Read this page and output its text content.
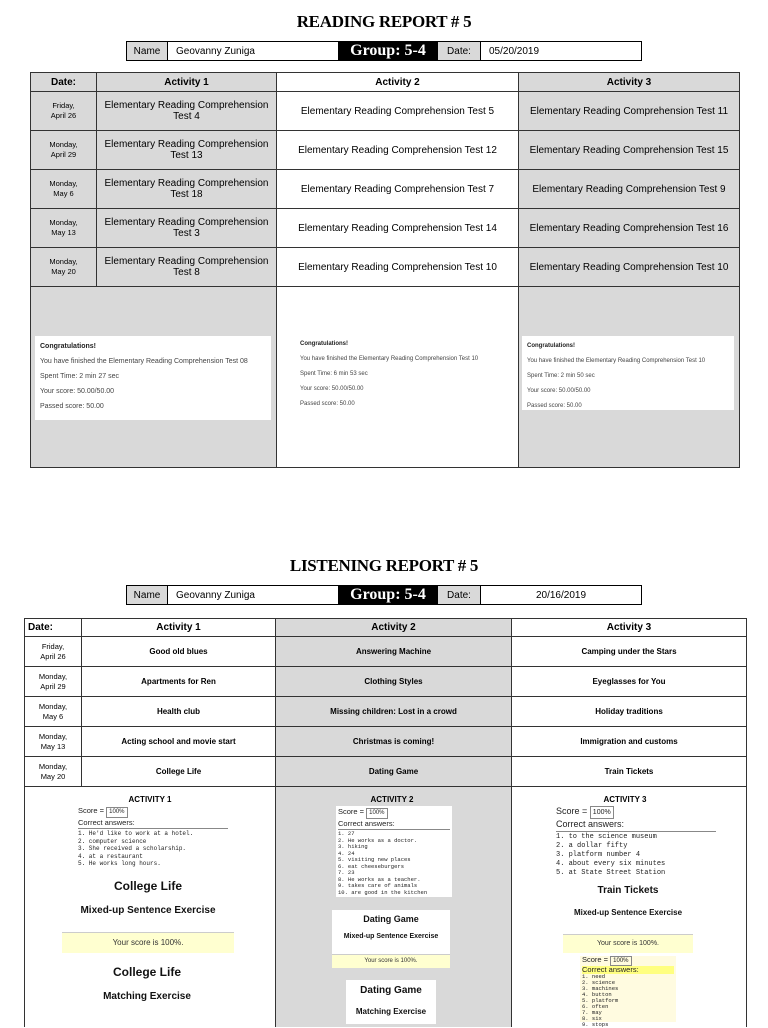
READING REPORT # 5
Name	Geovanny Zuniga	Group: 5-4	Date:	05/20/2019
Date:	Activity 1	Activity 2	Activity 3
Friday,
April 26	Elementary Reading Comprehension Test 4	Elementary Reading Comprehension Test 5	Elementary Reading Comprehension Test 11
Monday,
April 29	Elementary Reading Comprehension Test 13	Elementary Reading Comprehension Test 12	Elementary Reading Comprehension Test 15
Monday,
May 6	Elementary Reading Comprehension Test 18	Elementary Reading Comprehension Test 7	Elementary Reading Comprehension Test 9
Monday,
May 13	Elementary Reading Comprehension Test 3	Elementary Reading Comprehension Test 14	Elementary Reading Comprehension Test 16
Monday,
May 20	Elementary Reading Comprehension Test 8	Elementary Reading Comprehension Test 10	Elementary Reading Comprehension Test 10

Congratulations!
You have finished the Elementary Reading Comprehension Test 08
Spent Time: 2 min 27 sec
Your score: 50.00/50.00
Passed score: 50.00
Congratulations!
You have finished the Elementary Reading Comprehension Test 10
Spent Time: 6 min 53 sec
Your score: 50.00/50.00
Passed score: 50.00
Congratulations!
You have finished the Elementary Reading Comprehension Test 10
Spent Time: 2 min 50 sec
Your score: 50.00/50.00
Passed score: 50.00
LISTENING REPORT # 5
Name	Geovanny Zuniga	Group: 5-4	Date:	20/16/2019
Date:	Activity 1	Activity 2	Activity 3
Friday,
April 26	Good old blues	Answering Machine	Camping under the Stars
Monday,
April 29	Apartments for Ren	Clothing Styles	Eyeglasses for You
Monday,
May 6	Health club	Missing children: Lost in a crowd	Holiday traditions
Monday,
May 13	Acting school and movie start	Christmas is coming!	Immigration and customs
Monday,
May 20	College Life	Dating Game	Train Tickets

ACTIVITY 1
Score = 100%
Correct answers:
1. He'd like to work at a hotel.
2. computer science
3. She received a scholarship.
4. at a restaurant
5. He works long hours.
College Life
Mixed-up Sentence Exercise
Your score is 100%.
College Life
Matching Exercise
ACTIVITY 2
Score = 100%
Correct answers:
1. 27
2. He works as a doctor.
3. hiking
4. 24
5. visiting new places
6. eat cheeseburgers
7. 23
8. He works as a teacher.
9. takes care of animals
10. are good in the kitchen
Dating Game
Mixed-up Sentence Exercise
Your score is 100%.
Dating Game
Matching Exercise
ACTIVITY 3
Score = 100%
Correct answers:
1. to the science museum
2. a dollar fifty
3. platform number 4
4. about every six minutes
5. at State Street Station
Train Tickets
Mixed-up Sentence Exercise
Your score is 100%.
Score = 100%
Correct answers:
1. need
2. science
3. machines
4. button
5. platform
6. often
7. may
8. six
9. stops
